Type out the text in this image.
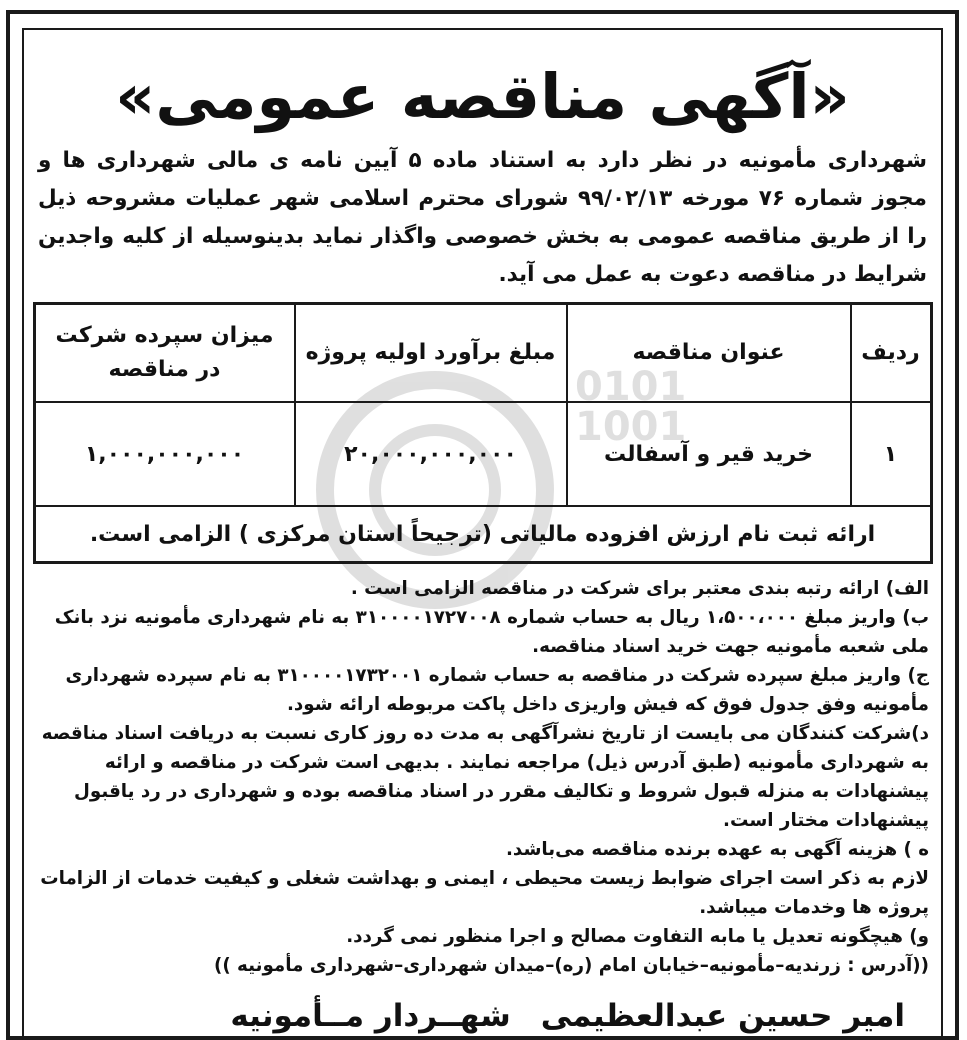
0101
1001
«آگهی مناقصه عمومی»
شهرداری مأمونیه در نظر دارد به استناد ماده ۵ آیین نامه ی مالی شهرداری ها و مجوز شماره ۷۶ مورخه ۹۹/۰۲/۱۳ شورای محترم اسلامی شهر عملیات مشروحه ذیل را از طریق مناقصه عمومی به بخش خصوصی واگذار نماید بدینوسیله از کلیه واجدین شرایط در مناقصه دعوت به عمل می آید.
ردیف	عنوان مناقصه	مبلغ برآورد اولیه پروژه	میزان سپرده شرکت در مناقصه
۱	خرید قیر و آسفالت	۲۰,۰۰۰,۰۰۰,۰۰۰	۱,۰۰۰,۰۰۰,۰۰۰
ارائه ثبت نام ارزش افزوده مالیاتی (ترجیحاً استان مرکزی ) الزامی است.			

الف) ارائه رتبه بندی معتبر برای شرکت در مناقصه الزامی است .

ب) واریز مبلغ ۱،۵۰۰،۰۰۰ ریال به حساب شماره ۳۱۰۰۰۰۱۷۲۷۰۰۸ به نام شهرداری مأمونیه نزد بانک ملی شعبه مأمونیه جهت خرید اسناد مناقصه.

ج) واریز مبلغ سپرده شرکت در مناقصه به حساب شماره ۳۱۰۰۰۰۱۷۳۲۰۰۱ به نام سپرده شهرداری مأمونیه وفق جدول فوق که فیش واریزی داخل پاکت مربوطه ارائه شود.

د)شرکت کنندگان می بایست از تاریخ نشرآگهی به مدت ده روز کاری نسبت به دریافت اسناد مناقصه به شهرداری مأمونیه (طبق آدرس ذیل) مراجعه نمایند . بدیهی است شرکت در مناقصه و ارائه پیشنهادات به منزله قبول شروط و تکالیف مقرر در اسناد مناقصه بوده و شهرداری در رد یاقبول پیشنهادات مختار است.

ه ) هزینه آگهی به عهده برنده مناقصه می‌باشد.

لازم به ذکر است اجرای ضوابط زیست محیطی ، ایمنی و بهداشت شغلی و کیفیت خدمات از الزامات پروژه ها وخدمات میباشد.

و) هیچگونه تعدیل یا مابه التفاوت مصالح و اجرا منظور نمی گردد.

((آدرس : زرندیه–مأمونیه–خیابان امام (ره)–میدان شهرداری–شهرداری مأمونیه ))

امیر حسین عبدالعظیمی
شهــردار مــأمونیه
